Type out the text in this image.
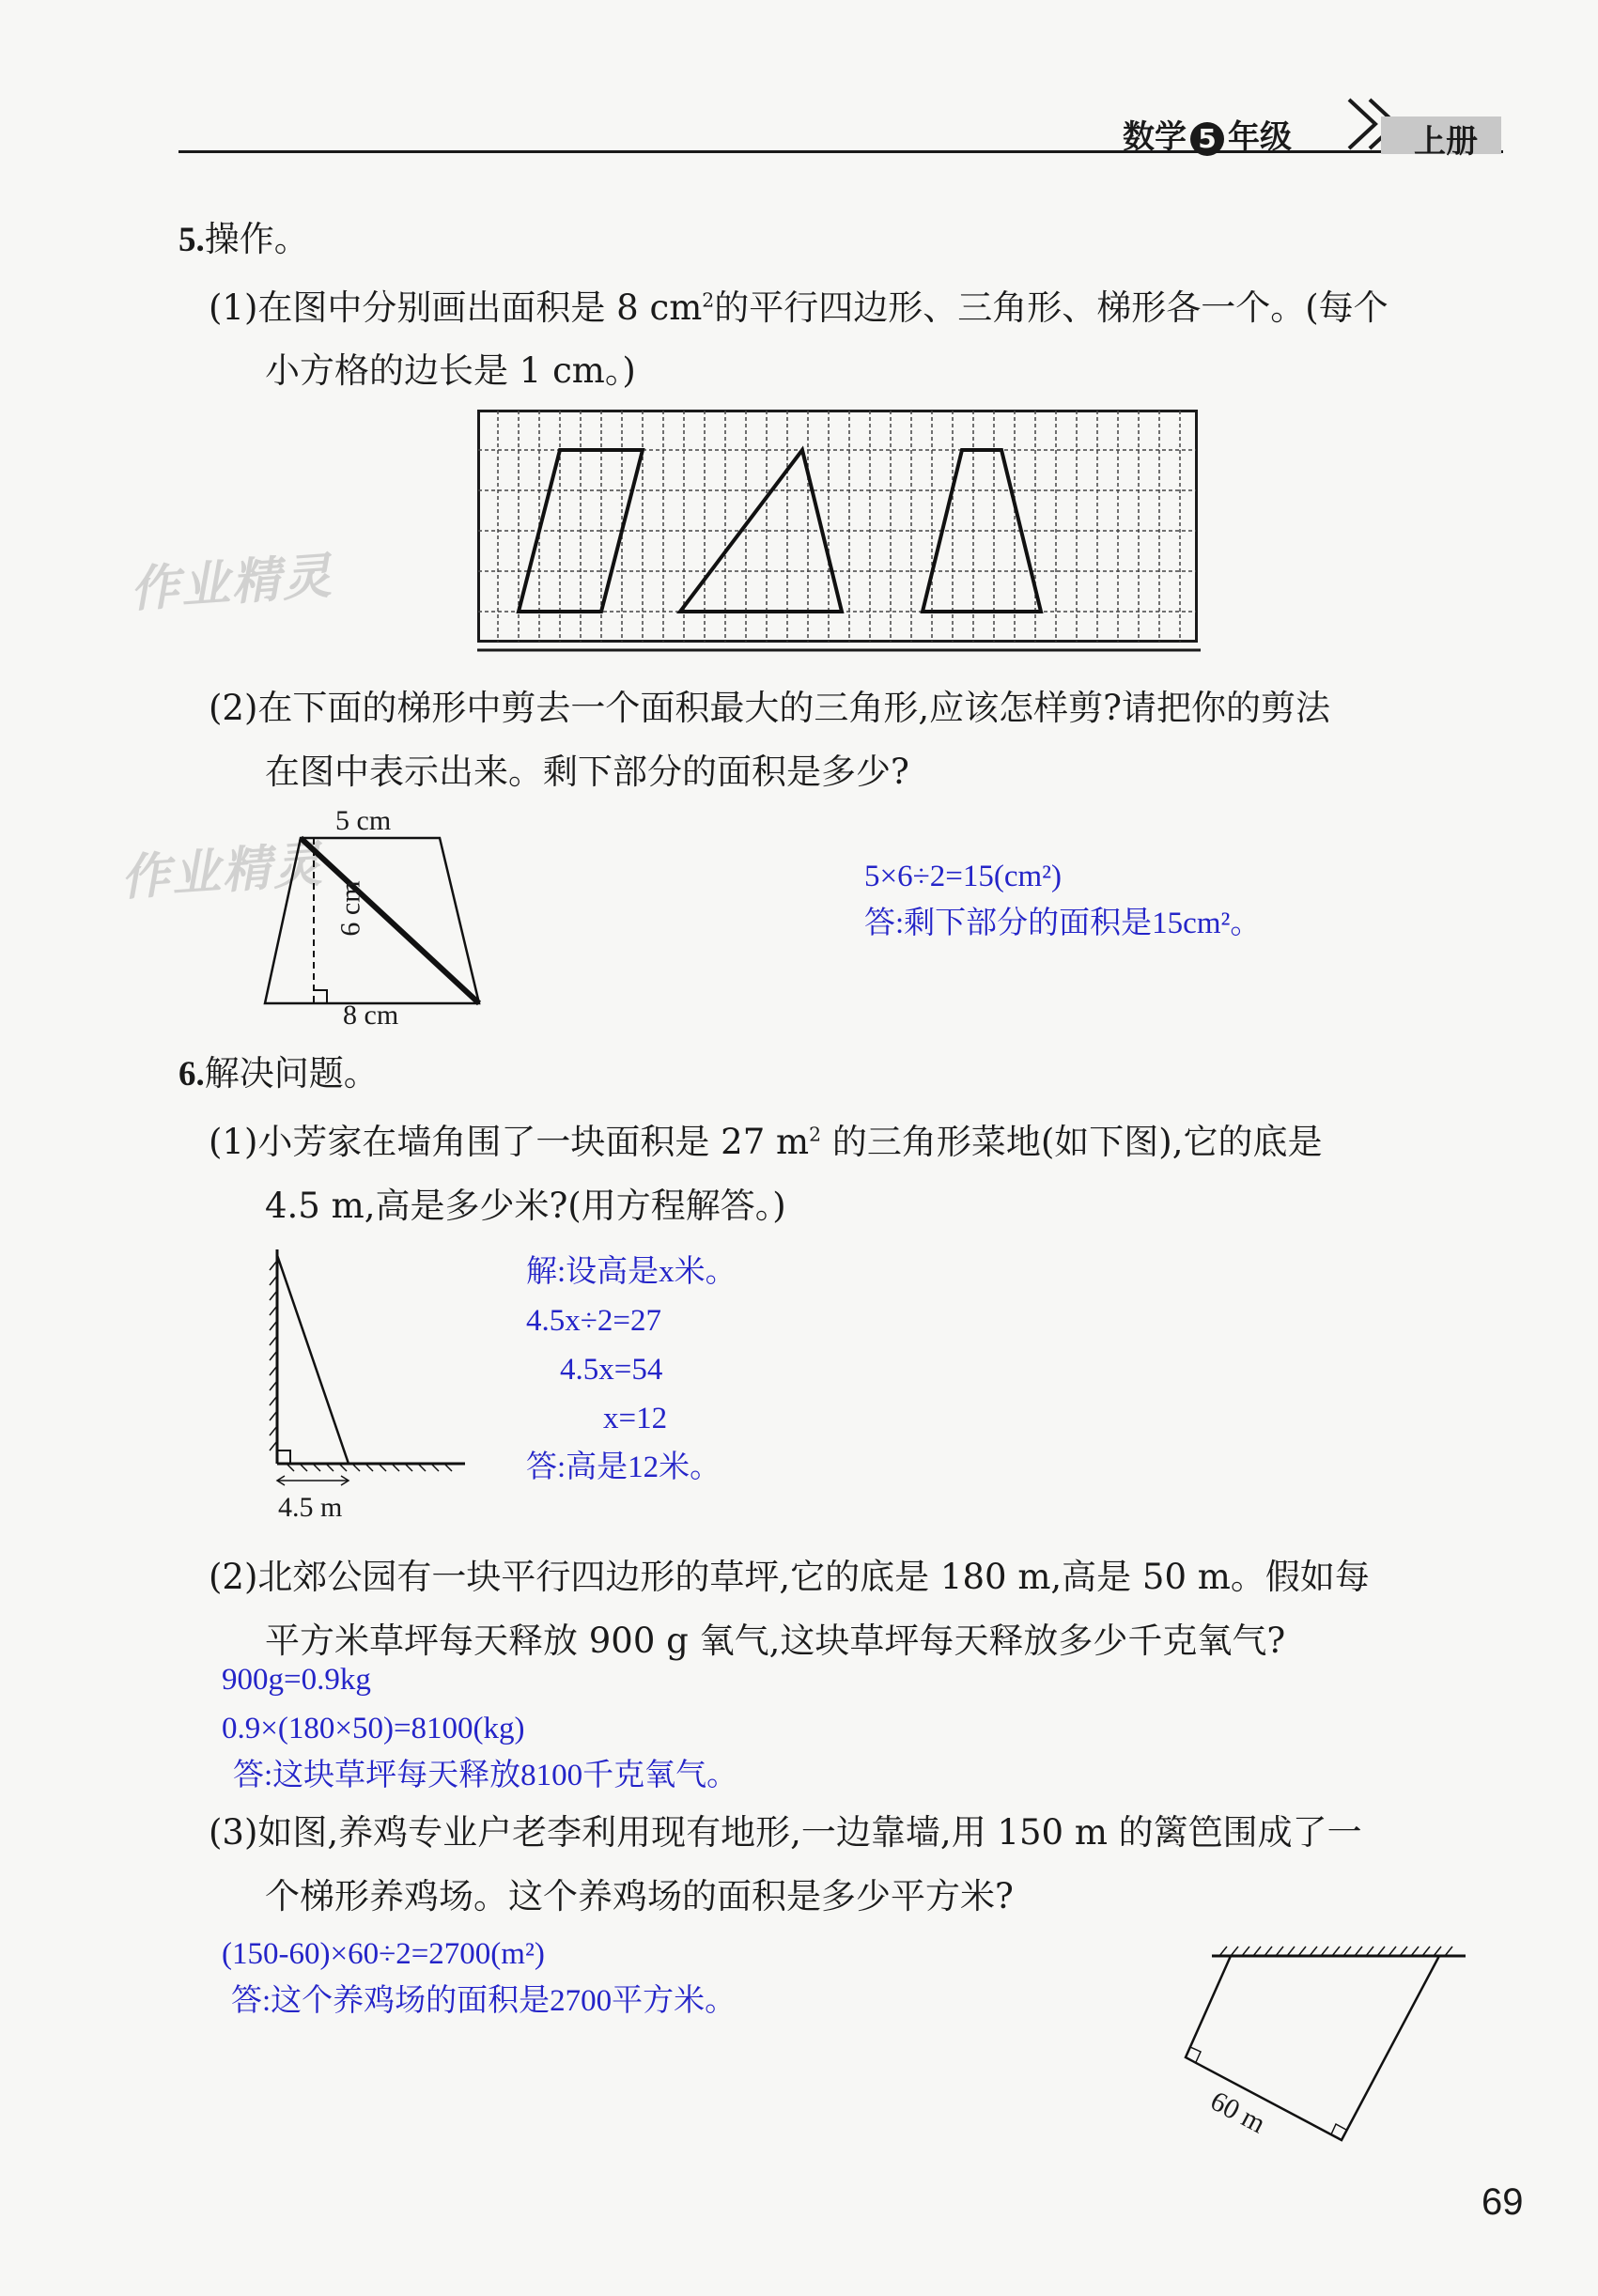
数学 5 年级	上册
作业精灵
作业精灵
5.操作。
(1)在图中分别画出面积是 8 $cm^2$的平行四边形、三角形、梯形各一个。(每个
小方格的边长是 1 cm。)
(2)在下面的梯形中剪去一个面积最大的三角形,应该怎样剪?请把你的剪法
在图中表示出来。剩下部分的面积是多少?
5 cm
6 cm
8 cm
5×6÷2=15(cm²)
答:剩下部分的面积是15cm²。
6.解决问题。
(1)小芳家在墙角围了一块面积是 27 $m^2$ 的三角形菜地(如下图),它的底是
4.5 m,高是多少米?(用方程解答。)
4.5 m
解:设高是x米。
4.5x÷2=27
4.5x=54
x=12
答:高是12米。
(2)北郊公园有一块平行四边形的草坪,它的底是 180 m,高是 50 m。假如每
平方米草坪每天释放 900 g 氧气,这块草坪每天释放多少千克氧气?
900g=0.9kg
0.9×(180×50)=8100(kg)
答:这块草坪每天释放8100千克氧气。
(3)如图,养鸡专业户老李利用现有地形,一边靠墙,用 150 m 的篱笆围成了一
个梯形养鸡场。这个养鸡场的面积是多少平方米?
(150-60)×60÷2=2700(m²)
答:这个养鸡场的面积是2700平方米。
60 m
69
